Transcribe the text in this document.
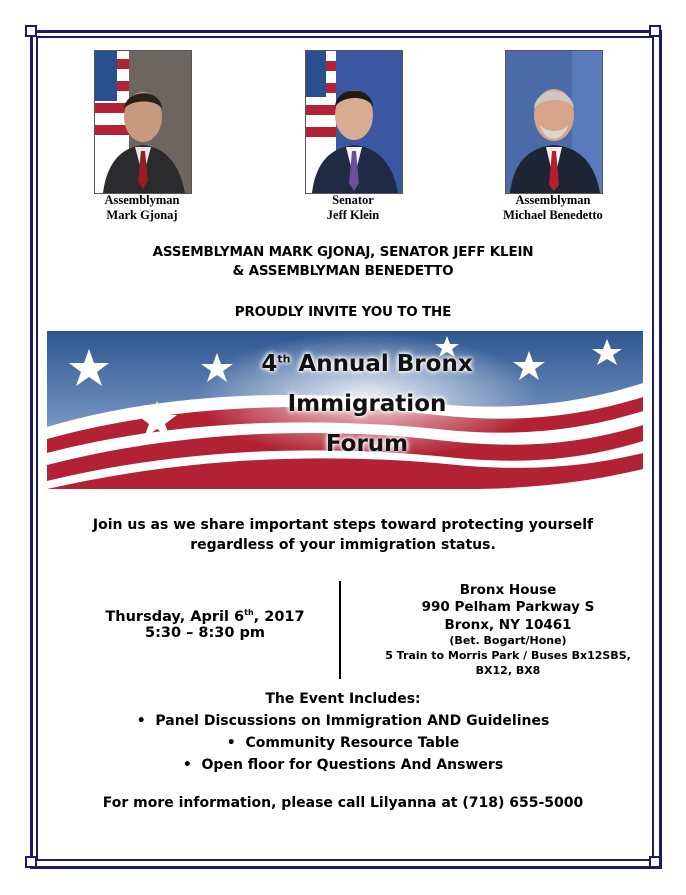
Assemblyman
Mark Gjonaj
Senator
Jeff Klein
Assemblyman
Michael Benedetto
ASSEMBLYMAN MARK GJONAJ, SENATOR JEFF KLEIN
& ASSEMBLYMAN BENEDETTO
PROUDLY INVITE YOU TO THE
4th Annual Bronx
Immigration
Forum
Join us as we share important steps toward protecting yourself
regardless of your immigration status.
Thursday, April 6th, 2017
5:30 – 8:30 pm
Bronx House
990 Pelham Parkway S
Bronx, NY 10461
(Bet. Bogart/Hone)
5 Train to Morris Park / Buses Bx12SBS,
BX12, BX8
The Event Includes:
•  Panel Discussions on Immigration AND Guidelines
•  Community Resource Table
•  Open floor for Questions And Answers
For more information, please call Lilyanna at (718) 655-5000
